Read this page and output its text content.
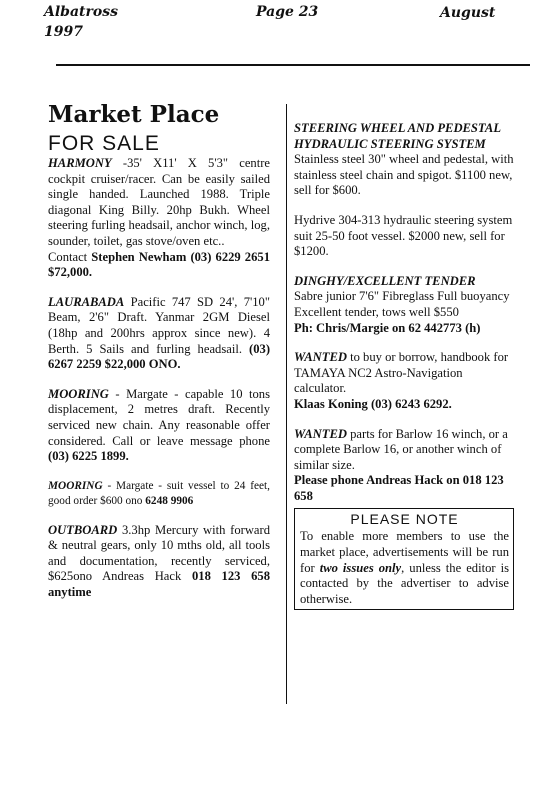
Albatross
1997
Page 23	August
Market Place
FOR SALE

HARMONY -35' X11' X 5'3" centre cockpit cruiser/racer. Can be easily sailed single handed. Launched 1988. Triple diagonal King Billy. 20hp Bukh. Wheel steering furling headsail, anchor winch, log, sounder, toilet, gas stove/oven etc..

Contact Stephen Newham (03) 6229 2651 $72,000.

LAURABADA Pacific 747 SD 24', 7'10" Beam, 2'6" Draft. Yanmar 2GM Diesel (18hp and 200hrs approx since new). 4 Berth. 5 Sails and furling headsail. (03) 6267 2259 $22,000 ONO.

MOORING - Margate - capable 10 tons displacement, 2 metres draft. Recently serviced new chain. Any reasonable offer considered. Call or leave message phone (03) 6225 1899.

MOORING - Margate - suit vessel to 24 feet, good order $600 ono 6248 9906

OUTBOARD 3.3hp Mercury with forward & neutral gears, only 10 mths old, all tools and documentation, recently serviced, $625ono Andreas Hack 018 123 658 anytime

STEERING WHEEL AND PEDESTAL HYDRAULIC STEERING SYSTEM

Stainless steel 30" wheel and pedestal, with stainless steel chain and spigot. $1100 new, sell for $600.

Hydrive 304-313 hydraulic steering system suit 25-50 foot vessel. $2000 new, sell for $1200.

DINGHY/EXCELLENT TENDER

Sabre junior 7'6" Fibreglass Full buoyancy Excellent tender, tows well $550

Ph: Chris/Margie on 62 442773 (h)

WANTED to buy or borrow, handbook for TAMAYA NC2 Astro-Navigation calculator.

Klaas Koning (03) 6243 6292.

WANTED parts for Barlow 16 winch, or a complete Barlow 16, or another winch of similar size.

Please phone Andreas Hack on 018 123 658

PLEASE NOTE

To enable more members to use the market place, advertisements will be run for two issues only, unless the editor is contacted by the advertiser to advise otherwise.
